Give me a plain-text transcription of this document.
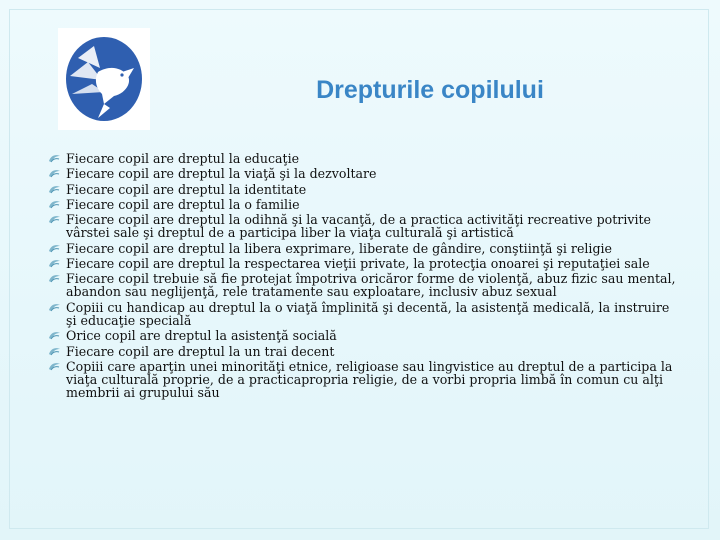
Drepturile copilului
Fiecare copil are dreptul la educaţie
Fiecare copil are dreptul la viaţă şi la dezvoltare
Fiecare copil are dreptul la identitate
Fiecare copil are dreptul la o familie
Fiecare copil are dreptul la odihnă şi la vacanţă, de a practica activităţi recreative potrivite vârstei sale şi dreptul de a participa liber la viaţa culturală şi artistică
Fiecare copil are dreptul la libera exprimare, liberate de gândire, conştiinţă şi religie
Fiecare copil are dreptul la respectarea vieţii private, la protecţia onoarei şi reputaţiei sale
Fiecare copil trebuie să fie protejat împotriva oricăror forme de violenţă, abuz fizic sau mental, abandon sau neglijenţă, rele tratamente sau exploatare, inclusiv abuz sexual
Copiii cu handicap au dreptul la o viaţă împlinită şi decentă, la asistenţă medicală, la instruire şi educaţie specială
Orice copil are dreptul la asistenţă socială
Fiecare copil are dreptul la un trai decent
Copiii care aparţin unei minorităţi etnice, religioase sau lingvistice au dreptul de a participa la viaţa culturală proprie, de a practicapropria religie, de a vorbi propria limbă în comun cu alţi membrii ai grupului său
